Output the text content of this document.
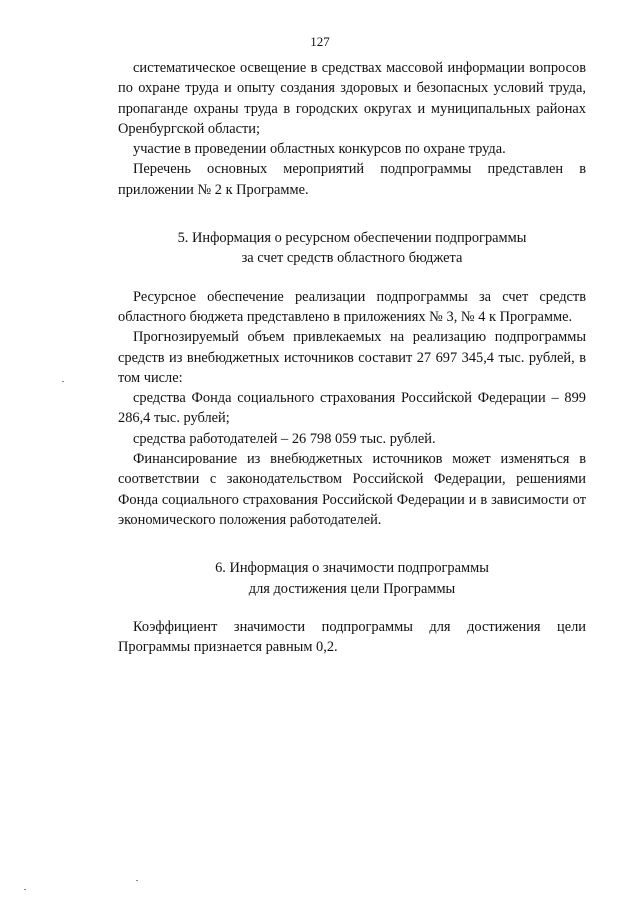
127

систематическое освещение в средствах массовой информации вопросов по охране труда и опыту создания здоровых и безопасных условий труда, пропаганде охраны труда в городских округах и муниципальных районах Оренбургской области;

участие в проведении областных конкурсов по охране труда.

Перечень основных мероприятий подпрограммы представлен в приложении № 2 к Программе.

5. Информация о ресурсном обеспечении подпрограммы

за счет средств областного бюджета

Ресурсное обеспечение реализации подпрограммы за счет средств областного бюджета представлено в приложениях № 3, № 4 к Программе.

Прогнозируемый объем привлекаемых на реализацию подпрограммы средств из внебюджетных источников составит 27 697 345,4 тыс. рублей, в том числе:

средства Фонда социального страхования Российской Федерации – 899 286,4 тыс. рублей;

средства работодателей – 26 798 059 тыс. рублей.

Финансирование из внебюджетных источников может изменяться в соответствии с законодательством Российской Федерации, решениями Фонда социального страхования Российской Федерации и в зависимости от экономического положения работодателей.

6. Информация о значимости подпрограммы

для достижения цели Программы

Коэффициент значимости подпрограммы для достижения цели Программы признается равным 0,2.
